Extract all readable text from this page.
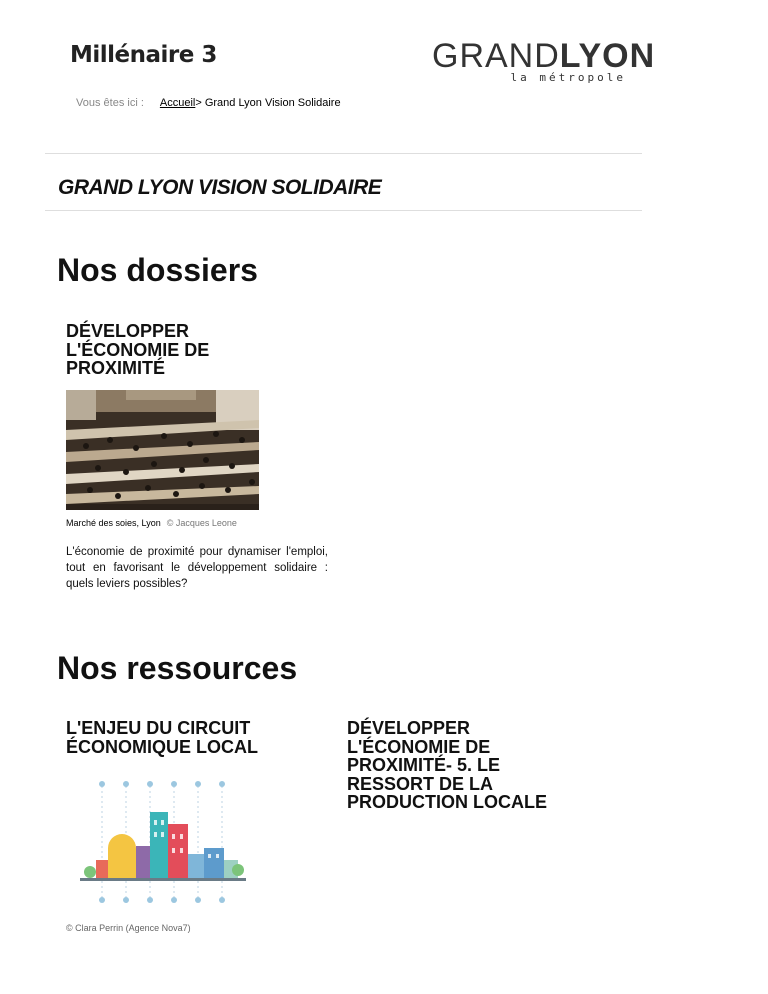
Millénaire 3	GRANDLYON
la métropole
Vous êtes ici : Accueil> Grand Lyon Vision Solidaire
GRAND LYON VISION SOLIDAIRE
Nos dossiers
DÉVELOPPER L'ÉCONOMIE DE PROXIMITÉ
Marché des soies, Lyon © Jacques Leone
L'économie de proximité pour dynamiser l'emploi, tout en favorisant le développement solidaire : quels leviers possibles?
Nos ressources
L'ENJEU DU CIRCUIT ÉCONOMIQUE LOCAL
© Clara Perrin (Agence Nova7)
DÉVELOPPER L'ÉCONOMIE DE PROXIMITÉ- 5. LE RESSORT DE LA PRODUCTION LOCALE
